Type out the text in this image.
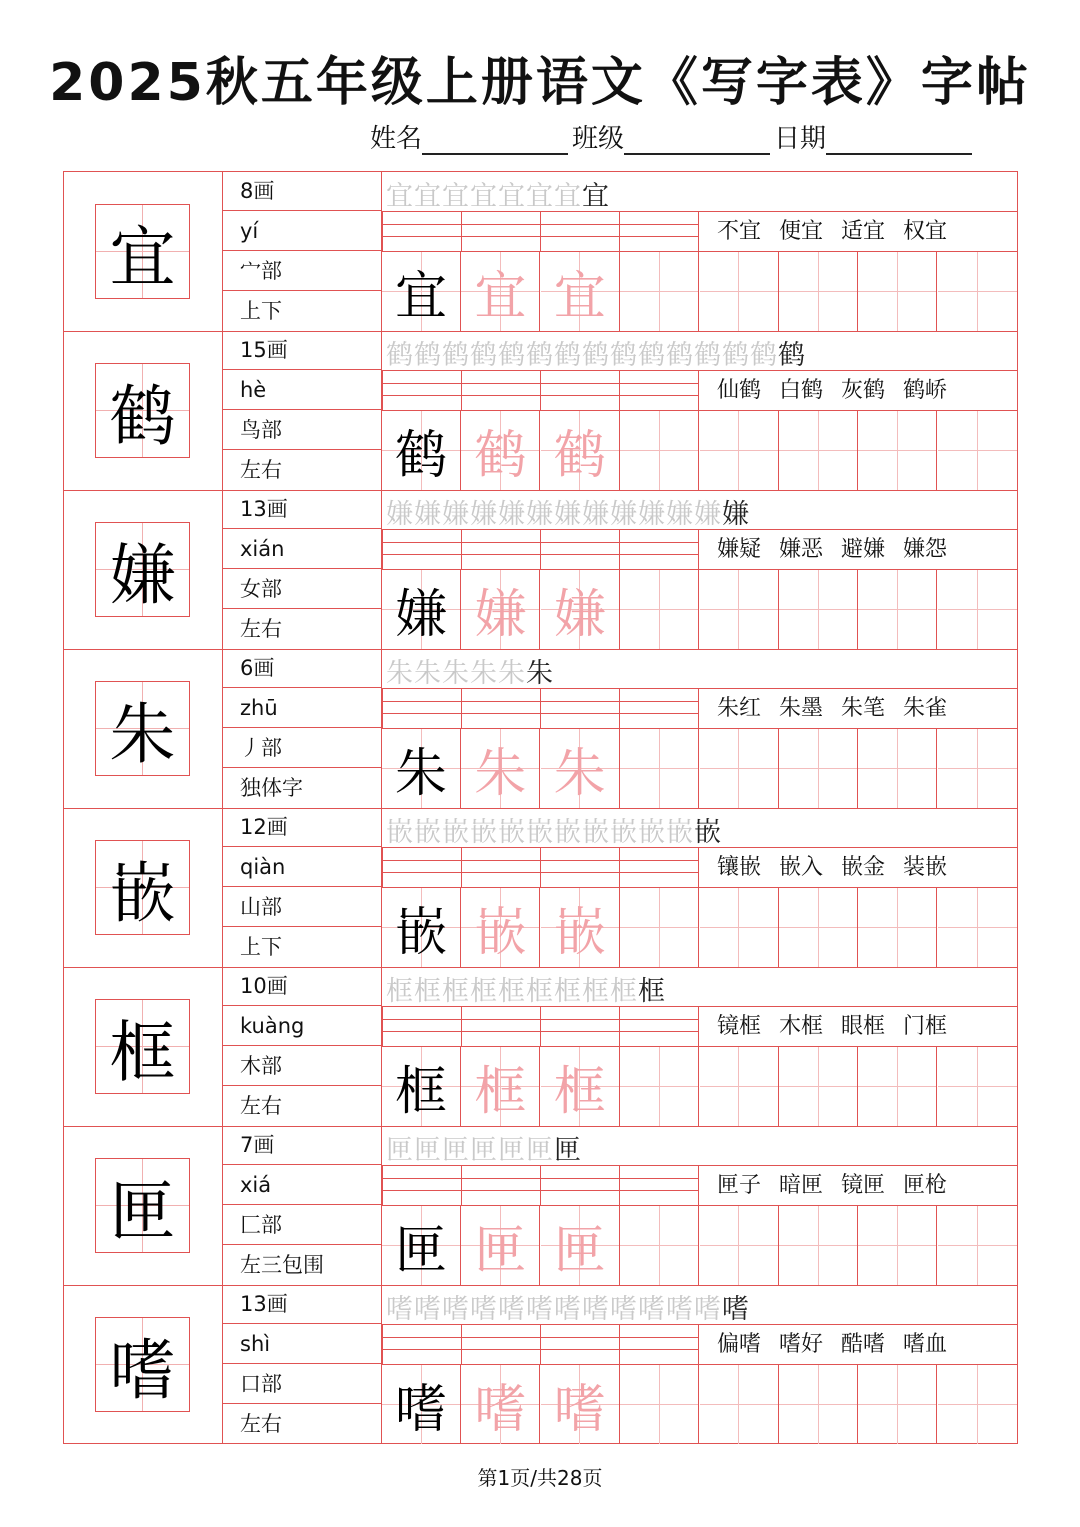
2025秋五年级上册语文《写字表》字帖
姓名	班级	日期
宜
8画
yí
宀部
上下
宜宜宜宜宜宜宜宜
不宜 便宜 适宜 权宜
宜 宜 宜
鹤
15画
hè
鸟部
左右
鹤鹤鹤鹤鹤鹤鹤鹤鹤鹤鹤鹤鹤鹤鹤
仙鹤 白鹤 灰鹤 鹤峤
鹤 鹤 鹤
嫌
13画
xián
女部
左右
嫌嫌嫌嫌嫌嫌嫌嫌嫌嫌嫌嫌嫌
嫌疑 嫌恶 避嫌 嫌怨
嫌 嫌 嫌
朱
6画
zhū
丿部
独体字
朱朱朱朱朱朱
朱红 朱墨 朱笔 朱雀
朱 朱 朱
嵌
12画
qiàn
山部
上下
嵌嵌嵌嵌嵌嵌嵌嵌嵌嵌嵌嵌
镶嵌 嵌入 嵌金 装嵌
嵌 嵌 嵌
框
10画
kuàng
木部
左右
框框框框框框框框框框
镜框 木框 眼框 门框
框 框 框
匣
7画
xiá
匚部
左三包围
匣匣匣匣匣匣匣
匣子 暗匣 镜匣 匣枪
匣 匣 匣
嗜
13画
shì
口部
左右
嗜嗜嗜嗜嗜嗜嗜嗜嗜嗜嗜嗜嗜
偏嗜 嗜好 酷嗜 嗜血
嗜 嗜 嗜
第1页/共28页
